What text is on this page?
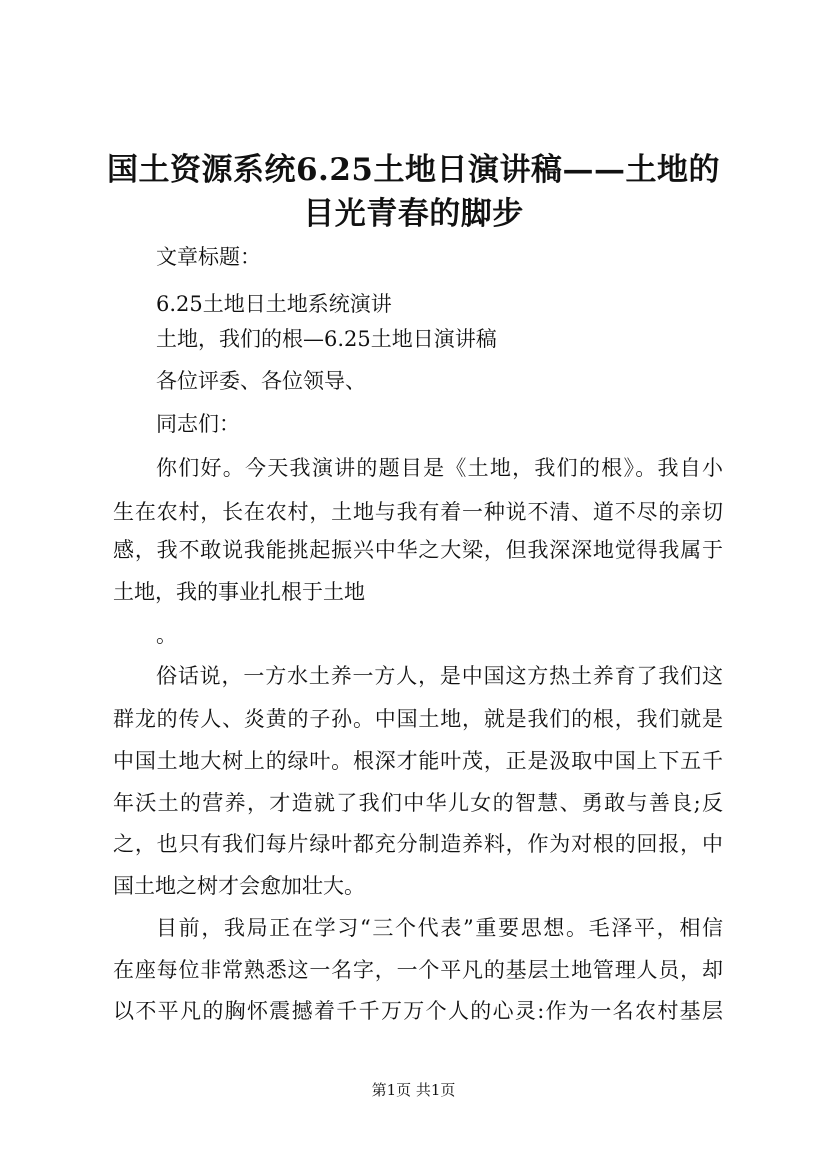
国土资源系统6.25土地日演讲稿——土地的
目光青春的脚步
文章标题：
6.25土地日土地系统演讲
土地，我们的根—6.25土地日演讲稿
各位评委、各位领导、
同志们：
你们好。今天我演讲的题目是《土地，我们的根》。我自小
生在农村，长在农村，土地与我有着一种说不清、道不尽的亲切
感，我不敢说我能挑起振兴中华之大梁，但我深深地觉得我属于
土地，我的事业扎根于土地
。
俗话说，一方水土养一方人，是中国这方热土养育了我们这
群龙的传人、炎黄的子孙。中国土地，就是我们的根，我们就是
中国土地大树上的绿叶。根深才能叶茂，正是汲取中国上下五千
年沃土的营养，才造就了我们中华儿女的智慧、勇敢与善良;反
之，也只有我们每片绿叶都充分制造养料，作为对根的回报，中
国土地之树才会愈加壮大。
目前，我局正在学习“三个代表”重要思想。毛泽平，相信
在座每位非常熟悉这一名字，一个平凡的基层土地管理人员，却
以不平凡的胸怀震撼着千千万万个人的心灵:作为一名农村基层
第1页 共1页
